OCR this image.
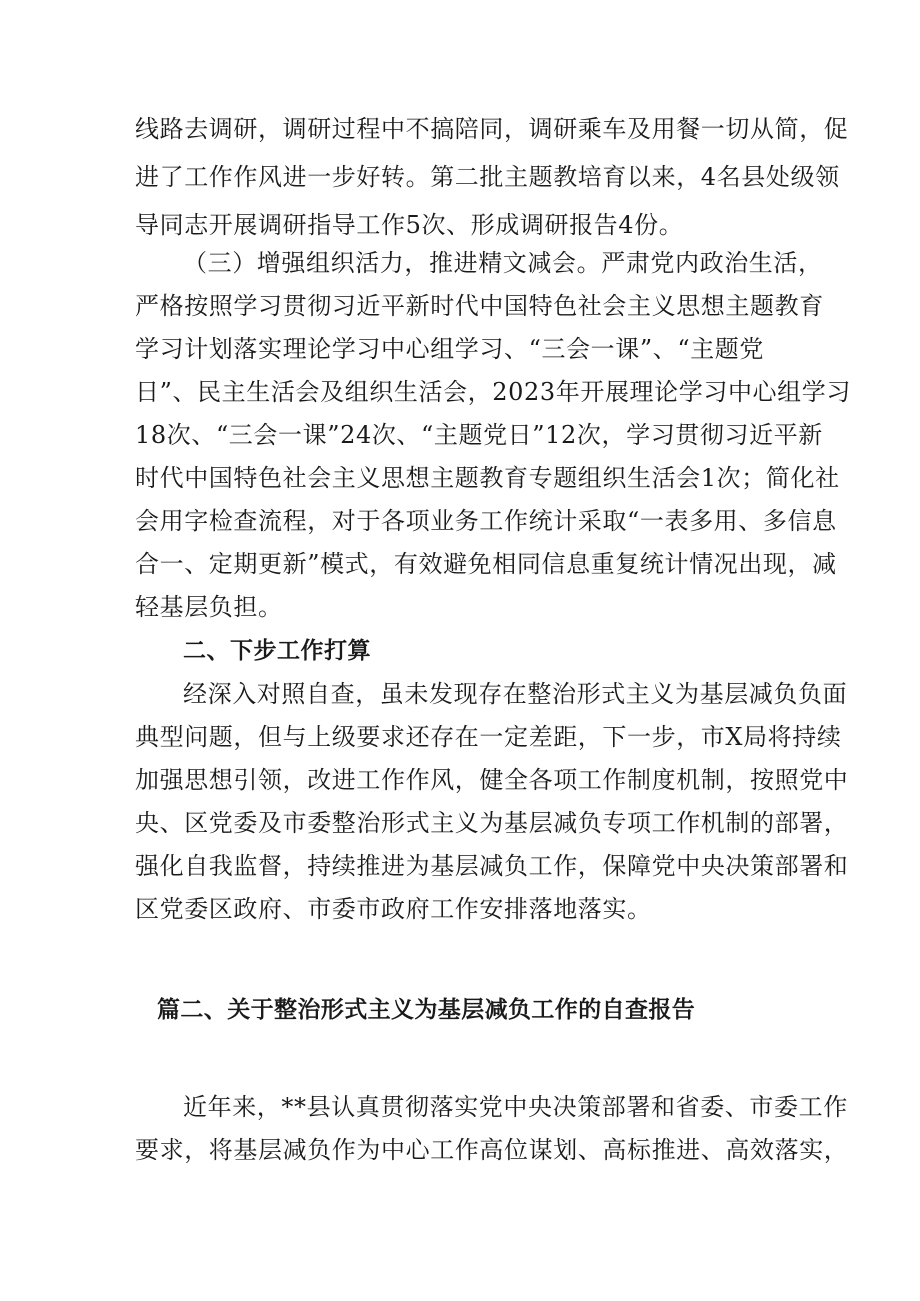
线路去调研，调研过程中不搞陪同，调研乘车及用餐一切从简，促
进了工作作风进一步好转。第二批主题教培育以来，4名县处级领
导同志开展调研指导工作5次、形成调研报告4份。
（三）增强组织活力，推进精文减会。严肃党内政治生活，
严格按照学习贯彻习近平新时代中国特色社会主义思想主题教育
学习计划落实理论学习中心组学习、“三会一课”、“主题党
日”、民主生活会及组织生活会，2023年开展理论学习中心组学习
18次、“三会一课”24次、“主题党日”12次，学习贯彻习近平新
时代中国特色社会主义思想主题教育专题组织生活会1次；简化社
会用字检查流程，对于各项业务工作统计采取“一表多用、多信息
合一、定期更新”模式，有效避免相同信息重复统计情况出现，减
轻基层负担。
二、下步工作打算
经深入对照自查，虽未发现存在整治形式主义为基层减负负面
典型问题，但与上级要求还存在一定差距，下一步，市X局将持续
加强思想引领，改进工作作风，健全各项工作制度机制，按照党中
央、区党委及市委整治形式主义为基层减负专项工作机制的部署，
强化自我监督，持续推进为基层减负工作，保障党中央决策部署和
区党委区政府、市委市政府工作安排落地落实。
篇二、关于整治形式主义为基层减负工作的自查报告
近年来，**县认真贯彻落实党中央决策部署和省委、市委工作
要求，将基层减负作为中心工作高位谋划、高标推进、高效落实，
